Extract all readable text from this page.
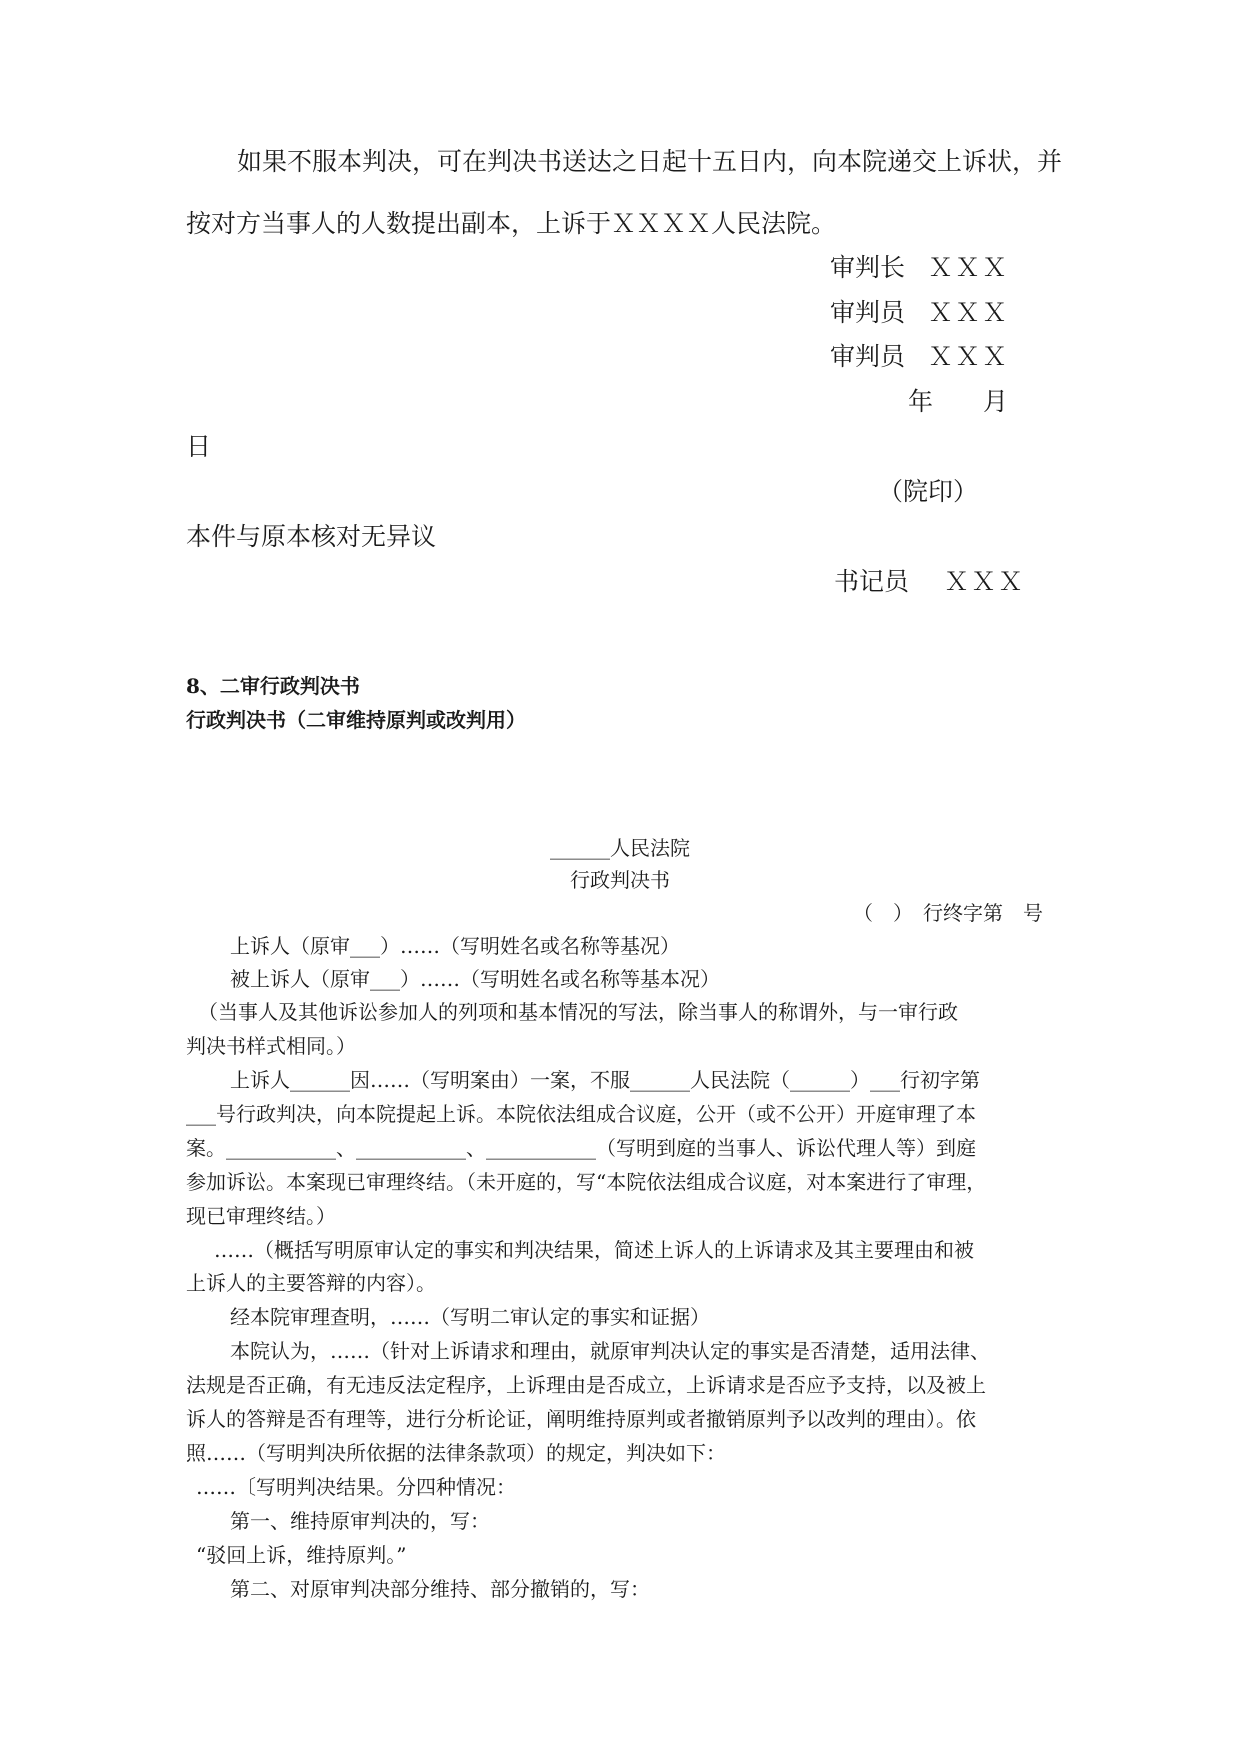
如果不服本判决，可在判决书送达之日起十五日内，向本院递交上诉状，并
按对方当事人的人数提出副本，上诉于ＸＸＸＸ人民法院。
审判长 ＸＸＸ
审判员 ＸＸＸ
审判员 ＸＸＸ
年　　月
日
（院印）
本件与原本核对无异议
书记员 ＸＸＸ
8、二审行政判决书
行政判决书（二审维持原判或改判用）
______人民法院
行政判决书
（　）　行终字第　号
上诉人（原审___）……（写明姓名或名称等基况）
被上诉人（原审___）……（写明姓名或名称等基本况）
（当事人及其他诉讼参加人的列项和基本情况的写法，除当事人的称谓外，与一审行政
判决书样式相同。）
上诉人______因……（写明案由）一案，不服______人民法院（______）___行初字第
___号行政判决，向本院提起上诉。本院依法组成合议庭，公开（或不公开）开庭审理了本
案。___________、___________、___________（写明到庭的当事人、诉讼代理人等）到庭
参加诉讼。本案现已审理终结。（未开庭的，写“本院依法组成合议庭，对本案进行了审理，
现已审理终结。）
……（概括写明原审认定的事实和判决结果，简述上诉人的上诉请求及其主要理由和被
上诉人的主要答辩的内容）。
经本院审理查明，……（写明二审认定的事实和证据）
本院认为，……（针对上诉请求和理由，就原审判决认定的事实是否清楚，适用法律、
法规是否正确，有无违反法定程序，上诉理由是否成立，上诉请求是否应予支持，以及被上
诉人的答辩是否有理等，进行分析论证，阐明维持原判或者撤销原判予以改判的理由）。依
照……（写明判决所依据的法律条款项）的规定，判决如下：
……〔写明判决结果。分四种情况：
第一、维持原审判决的，写：
“驳回上诉，维持原判。”
第二、对原审判决部分维持、部分撤销的，写：
